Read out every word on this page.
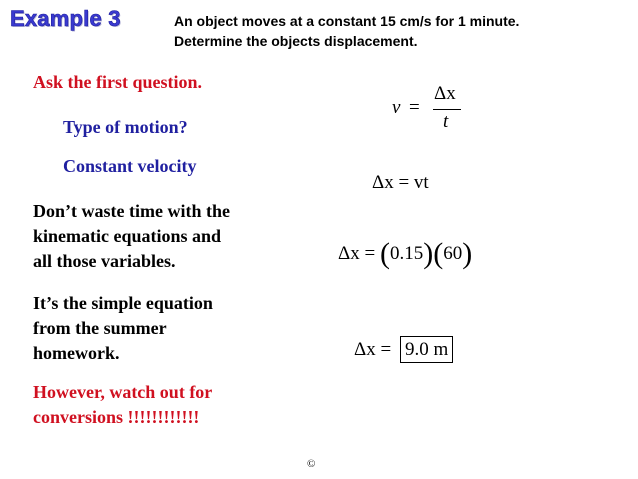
Example 3	An object moves at a constant 15 cm/s for 1 minute.
Determine the objects displacement.
Ask the first question.
Type of motion?
Constant velocity
Don’t waste time with the
kinematic equations and
all those variables.
It’s the simple equation
from the summer
homework.
However, watch out for
conversions !!!!!!!!!!!!
v =
Δx
t
Δx = vt
Δx = (0.15)(60)
Δx = 9.0 m
©
